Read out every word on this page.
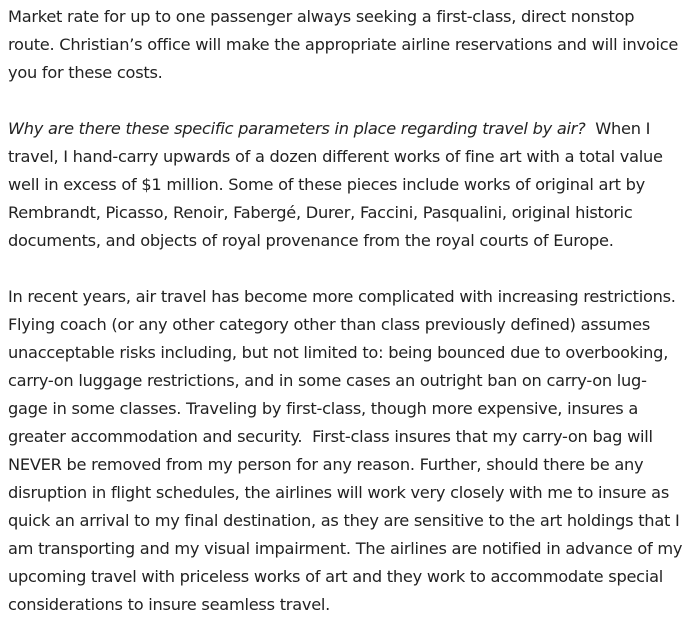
Market rate for up to one passenger always seeking a first-class, direct nonstop
route. Christian’s office will make the appropriate airline reservations and will invoice
you for these costs.

Why are there these specific parameters in place regarding travel by air?  When I
travel, I hand-carry upwards of a dozen different works of fine art with a total value
well in excess of $1 million. Some of these pieces include works of original art by
Rembrandt, Picasso, Renoir, Fabergé, Durer, Faccini, Pasqualini, original historic
documents, and objects of royal provenance from the royal courts of Europe.

In recent years, air travel has become more complicated with increasing restrictions.
Flying coach (or any other category other than class previously defined) assumes
unacceptable risks including, but not limited to: being bounced due to overbooking,
carry-on luggage restrictions, and in some cases an outright ban on carry-on lug-
gage in some classes. Traveling by first-class, though more expensive, insures a
greater accommodation and security.  First-class insures that my carry-on bag will
NEVER be removed from my person for any reason. Further, should there be any
disruption in flight schedules, the airlines will work very closely with me to insure as
quick an arrival to my final destination, as they are sensitive to the art holdings that I
am transporting and my visual impairment. The airlines are notified in advance of my
upcoming travel with priceless works of art and they work to accommodate special
considerations to insure seamless travel.
